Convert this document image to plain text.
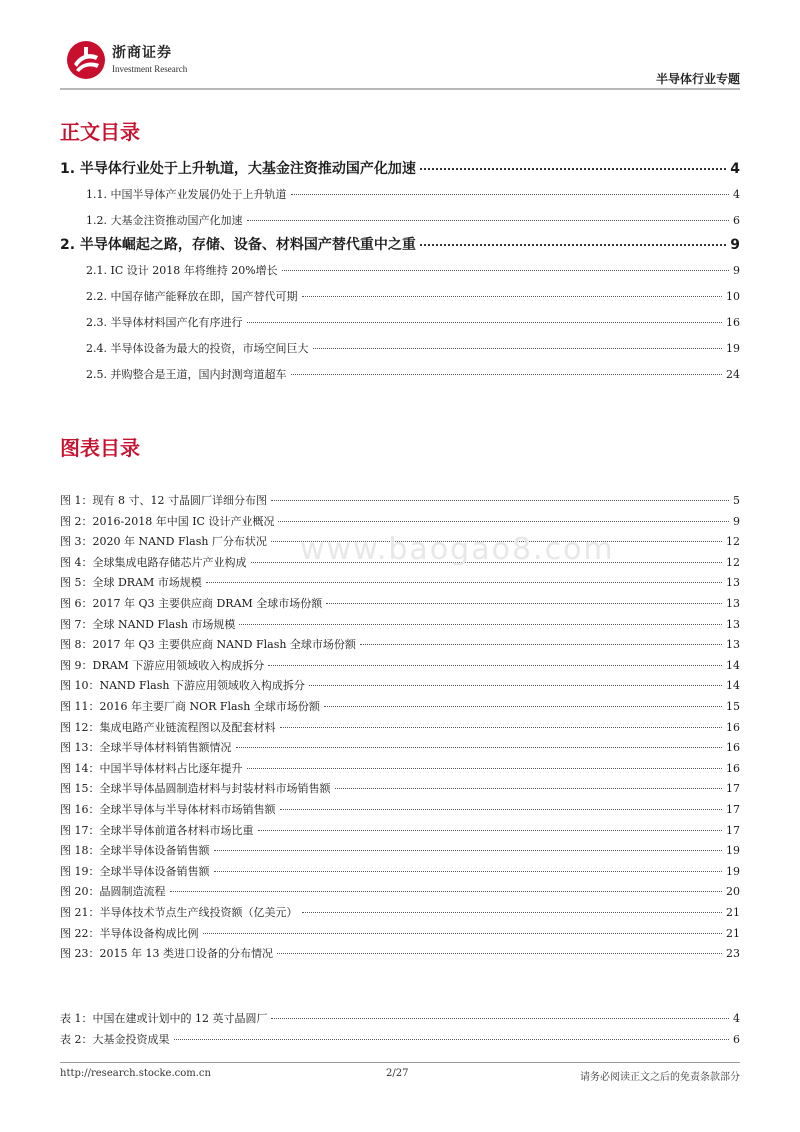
浙商证券
Investment Research
半导体行业专题
正文目录
1. 半导体行业处于上升轨道，大基金注资推动国产化加速	4
1.1. 中国半导体产业发展仍处于上升轨道	4
1.2. 大基金注资推动国产化加速	6
2. 半导体崛起之路，存储、设备、材料国产替代重中之重	9
2.1. IC 设计 2018 年将维持 20%增长	9
2.2. 中国存储产能释放在即，国产替代可期	10
2.3. 半导体材料国产化有序进行	16
2.4. 半导体设备为最大的投资，市场空间巨大	19
2.5. 并购整合是王道，国内封测弯道超车	24
图表目录
图 1：现有 8 寸、12 寸晶圆厂详细分布图	5
图 2：2016-2018 年中国 IC 设计产业概况	9
图 3：2020 年 NAND Flash 厂分布状况	12
图 4：全球集成电路存储芯片产业构成	12
图 5：全球 DRAM 市场规模	13
图 6：2017 年 Q3 主要供应商 DRAM 全球市场份额	13
图 7：全球 NAND Flash 市场规模	13
图 8：2017 年 Q3 主要供应商 NAND Flash 全球市场份额	13
图 9：DRAM 下游应用领域收入构成拆分	14
图 10：NAND Flash 下游应用领域收入构成拆分	14
图 11：2016 年主要厂商 NOR Flash 全球市场份额	15
图 12：集成电路产业链流程图以及配套材料	16
图 13：全球半导体材料销售额情况	16
图 14：中国半导体材料占比逐年提升	16
图 15：全球半导体晶圆制造材料与封装材料市场销售额	17
图 16：全球半导体与半导体材料市场销售额	17
图 17：全球半导体前道各材料市场比重	17
图 18：全球半导体设备销售额	19
图 19：全球半导体设备销售额	19
图 20：晶圆制造流程	20
图 21：半导体技术节点生产线投资额（亿美元）	21
图 22：半导体设备构成比例	21
图 23：2015 年 13 类进口设备的分布情况	23
表 1：中国在建或计划中的 12 英寸晶圆厂	4
表 2：大基金投资成果	6
www.baogao8.com
http://research.stocke.com.cn	2/27	请务必阅读正文之后的免责条款部分
